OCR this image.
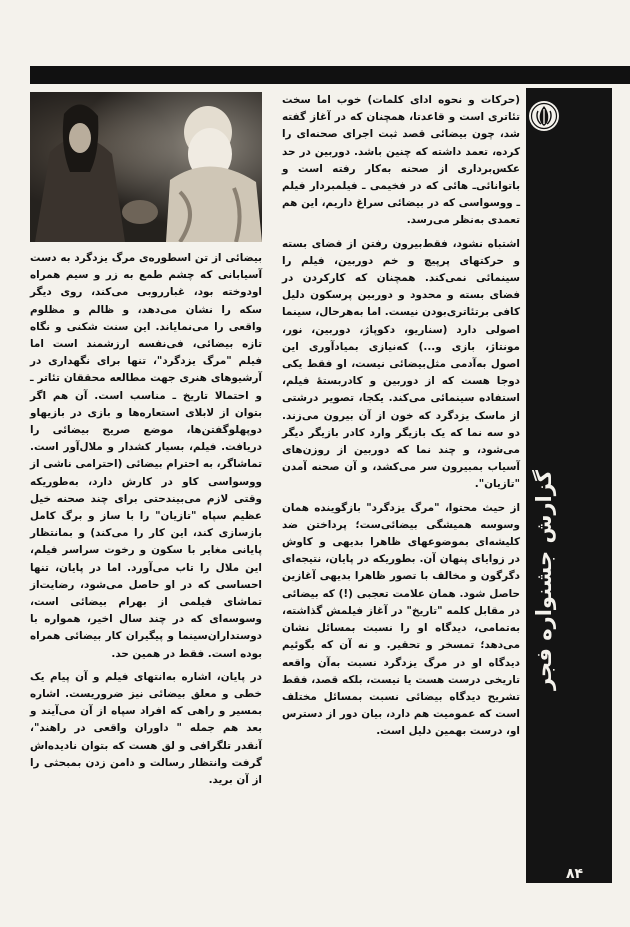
بیضائی از تن اسطوره‌ی مرگ یزدگرد به دست آسیابانی که چشم طمع به زر و سیم همراه اودوخته بود، غبارروبی می‌کند، روی دیگر سکه را نشان می‌دهد، و ظالم و مظلوم واقعی را می‌نمایاند. این سنت شکنی و نگاه تازه بیضائی، فی‌نفسه ارزشمند است اما فیلم "مرگ یزدگرد"، تنها برای نگهداری در آرشیوهای هنری جهت مطالعه محققان تئاتر ـ و احتمالا تاریخ ـ مناسب است. آن هم اگر بتوان از لابلای استعاره‌ها و بازی در بازیهاو دوپهلوگفتن‌ها، موضع صریح بیضائی را دریافت. فیلم، بسیار کشدار و ملال‌آور است. تماشاگر، به احترام بیضائی (احترامی ناشی از ووسواسی کاو در کارش دارد، به‌طوریکه وقتی لازم می‌بیندحتی برای چند صحنه خیل عظیم سپاه "تازیان" را با ساز و برگ کامل بازسازی کند، این کار را می‌کند) و بمانتظار پایانی مغایر با سکون و رخوت سراسر فیلم، این ملال را تاب می‌آورد. اما در پایان، تنها احساسی که در او حاصل می‌شود، رضایت‌از تماشای فیلمی از بهرام بیضائی است، وسوسه‌ای که در چند سال اخیر، همواره با دوستداران‌سینما و پیگیران کار بیضائی همراه بوده است. فقط در همین حد.

در پایان، اشاره به‌انتهای فیلم و آن پیام یک خطی و معلق بیضائی نیز ضروریست. اشاره بمسیر و راهی که افراد سپاه از آن می‌آیند و بعد هم جمله " داوران واقعی در راهند"، آنقدر تلگرافی و لق هست که بتوان نادیده‌اش گرفت وانتظار رسالت و دامن زدن بمبحثی را از آن برید.

(حرکات و نحوه ادای کلمات) خوب اما سخت تئاتری است و قاعدتا، همچنان که در آغاز گفته شد، چون بیضائی قصد ثبت اجرای صحنه‌ای را کرده، تعمد داشته که چنین باشد. دوربین در حد عکس‌برداری از صحنه به‌کار رفته است و باتوانائی‌ـ هائی که در فخیمی ـ فیلمبردار فیلم ـ ووسواسی که در بیضائی سراغ داریم، این هم تعمدی به‌نظر می‌رسد.

اشتباه نشود، فقط‌بیرون رفتن از فضای بسته و حرکتهای پرپیچ و خم دوربین، فیلم را سینمائی نمی‌کند. همچنان که کارکردن در فضای بسته و محدود و دوربین پرسکون دلیل کافی برتئاتری‌بودن نیست. اما به‌هرحال، سینما اصولی دارد (سناریو، دکوپاژ، دوربین، نور، مونتاژ، بازی و...) که‌نیازی بمیادآوری این اصول به‌آدمی مثل‌بیضائی نیست، او فقط یکی دوجا هست که از دوربین و کادربستهٔ فیلم، استفاده سینمائی می‌کند. یکجا، تصویر درشتی از ماسک یزدگرد که خون از آن بیرون می‌زند. دو سه نما که یک بازیگر وارد کادر بازیگر دیگر می‌شود، و چند نما که دوربین از روزن‌های آسیاب بمبیرون سر می‌کشد، و آن صحنه آمدن "تازیان".

از حیث محتوا، "مرگ یزدگرد" بازگوینده همان وسوسه همیشگی بیضائی‌ست؛ پرداختن ضد کلیشه‌ای بموضوعهای ظاهرا بدیهی و کاوش در زوایای پنهان آن. بطوریکه در پایان، نتیجه‌ای دگرگون و مخالف با تصور ظاهرا بدیهی آغازین حاصل شود. همان علامت تعجبی (!) که بیضائی در مقابل کلمه "تاریخ" در آغاز فیلمش گذاشته، به‌تمامی، دیدگاه او را نسبت بمسائل نشان می‌دهد؛ تمسخر و تحقیر. و نه آن که بگوئیم دیدگاه او در مرگ یزدگرد نسبت به‌آن واقعه تاریخی درست هست یا نیست، بلکه قصد، فقط تشریح دیدگاه بیضائی نسبت بمسائل مختلف است که عمومیت هم دارد، بیان دور از دسترس او، درست بهمین دلیل است.

گزارش جشنواره فجر
۸۴
